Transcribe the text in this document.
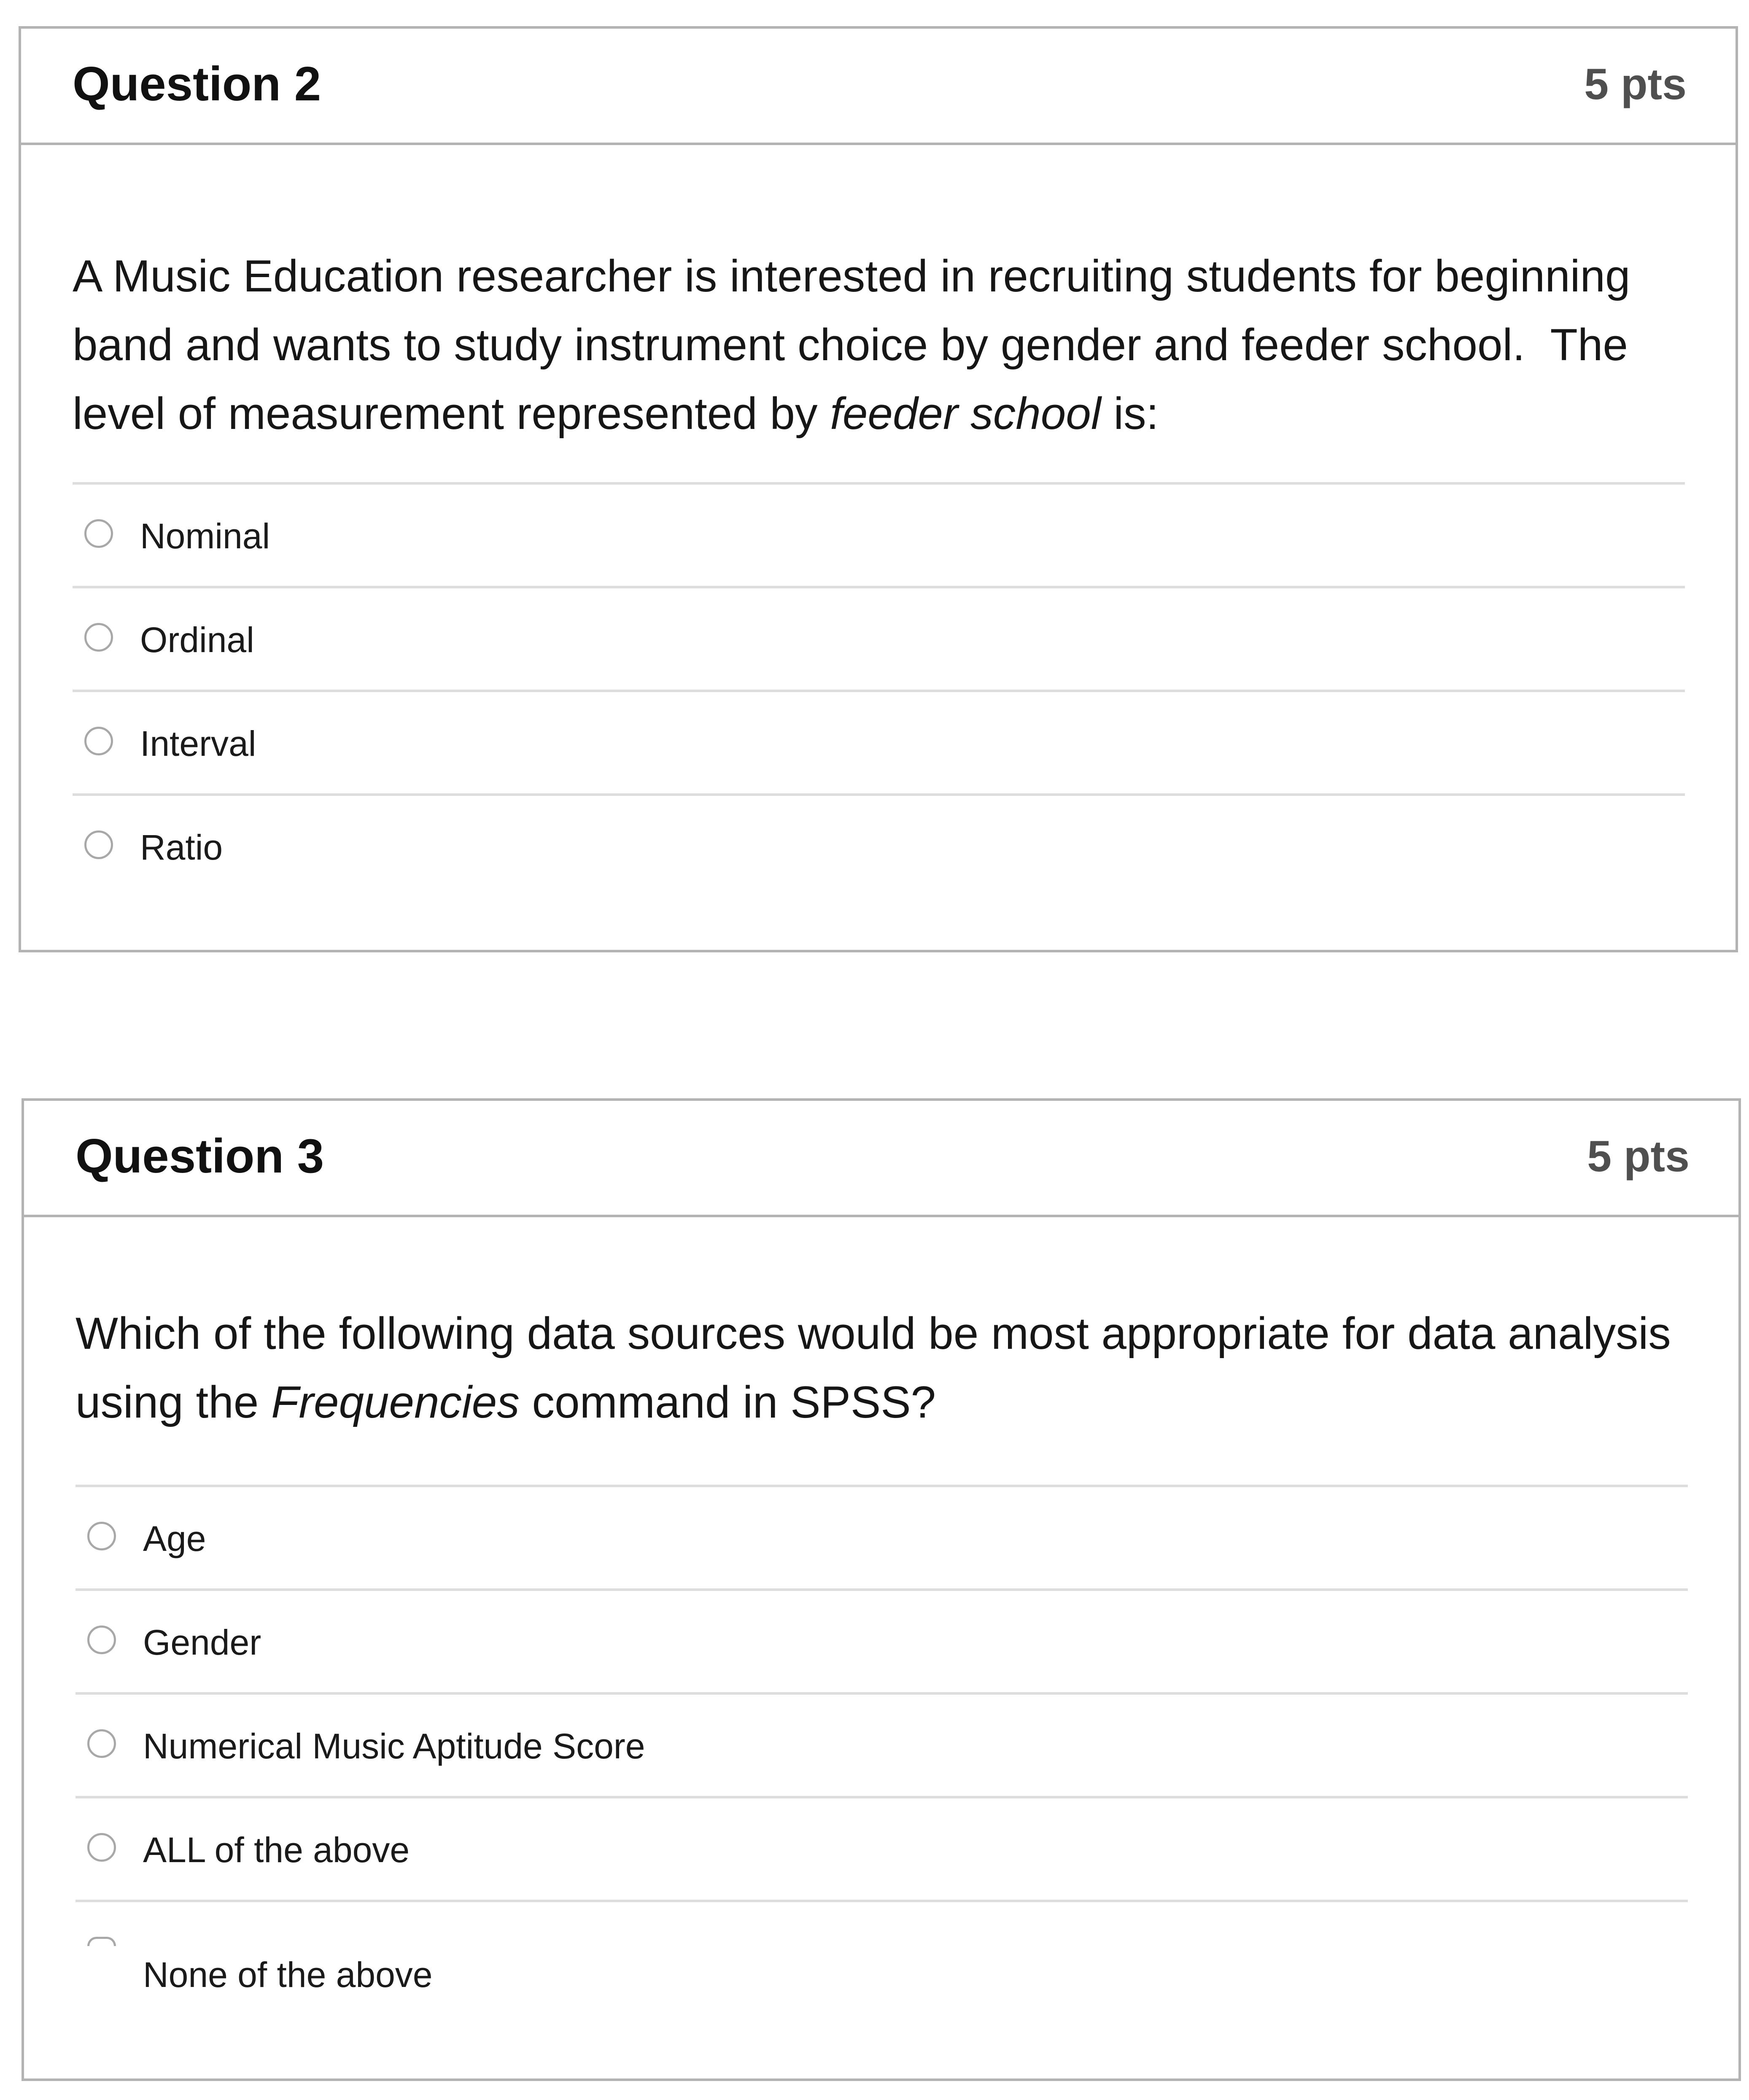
Question 2	5 pts
A Music Education researcher is interested in recruiting students for beginning band and wants to study instrument choice by gender and feeder school.  The level of measurement represented by feeder school is:
Nominal
Ordinal
Interval
Ratio
Question 3	5 pts
Which of the following data sources would be most appropriate for data analysis using the Frequencies command in SPSS?
Age
Gender
Numerical Music Aptitude Score
ALL of the above
None of the above
